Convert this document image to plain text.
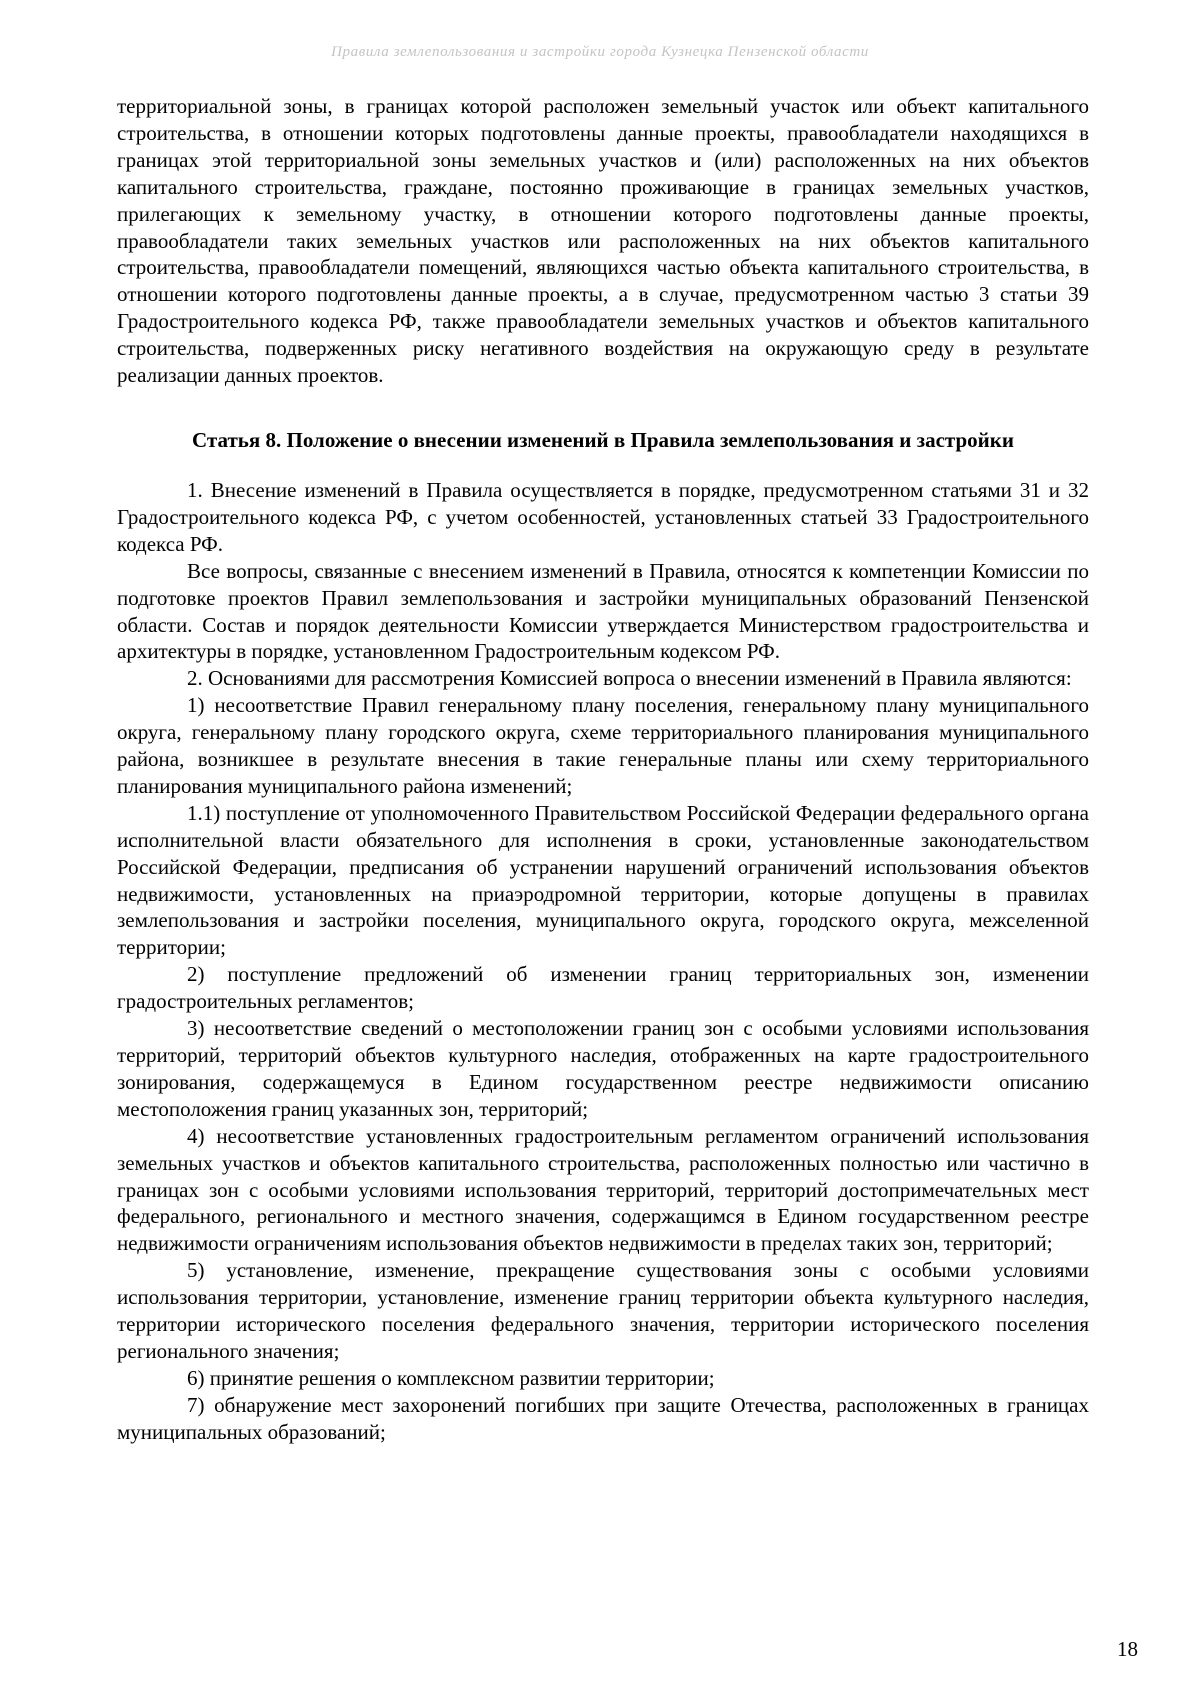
Правила землепользования и застройки города Кузнецка Пензенской области

территориальной зоны, в границах которой расположен земельный участок или объект капитального строительства, в отношении которых подготовлены данные проекты, правообладатели находящихся в границах этой территориальной зоны земельных участков и (или) расположенных на них объектов капитального строительства, граждане, постоянно проживающие в границах земельных участков, прилегающих к земельному участку, в отношении которого подготовлены данные проекты, правообладатели таких земельных участков или расположенных на них объектов капитального строительства, правообладатели помещений, являющихся частью объекта капитального строительства, в отношении которого подготовлены данные проекты, а в случае, предусмотренном частью 3 статьи 39 Градостроительного кодекса РФ, также правообладатели земельных участков и объектов капитального строительства, подверженных риску негативного воздействия на окружающую среду в результате реализации данных проектов.

Статья 8. Положение о внесении изменений в Правила землепользования и застройки

1. Внесение изменений в Правила осуществляется в порядке, предусмотренном статьями 31 и 32 Градостроительного кодекса РФ, с учетом особенностей, установленных статьей 33 Градостроительного кодекса РФ.

Все вопросы, связанные с внесением изменений в Правила, относятся к компетенции Комиссии по подготовке проектов Правил землепользования и застройки муниципальных образований Пензенской области. Состав и порядок деятельности Комиссии утверждается Министерством градостроительства и архитектуры в порядке, установленном Градостроительным кодексом РФ.

2. Основаниями для рассмотрения Комиссией вопроса о внесении изменений в Правила являются:

1) несоответствие Правил генеральному плану поселения, генеральному плану муниципального округа, генеральному плану городского округа, схеме территориального планирования муниципального района, возникшее в результате внесения в такие генеральные планы или схему территориального планирования муниципального района изменений;

1.1) поступление от уполномоченного Правительством Российской Федерации федерального органа исполнительной власти обязательного для исполнения в сроки, установленные законодательством Российской Федерации, предписания об устранении нарушений ограничений использования объектов недвижимости, установленных на приаэродромной территории, которые допущены в правилах землепользования и застройки поселения, муниципального округа, городского округа, межселенной территории;

2) поступление предложений об изменении границ территориальных зон, изменении градостроительных регламентов;

3) несоответствие сведений о местоположении границ зон с особыми условиями использования территорий, территорий объектов культурного наследия, отображенных на карте градостроительного зонирования, содержащемуся в Едином государственном реестре недвижимости описанию местоположения границ указанных зон, территорий;

4) несоответствие установленных градостроительным регламентом ограничений использования земельных участков и объектов капитального строительства, расположенных полностью или частично в границах зон с особыми условиями использования территорий, территорий достопримечательных мест федерального, регионального и местного значения, содержащимся в Едином государственном реестре недвижимости ограничениям использования объектов недвижимости в пределах таких зон, территорий;

5) установление, изменение, прекращение существования зоны с особыми условиями использования территории, установление, изменение границ территории объекта культурного наследия, территории исторического поселения федерального значения, территории исторического поселения регионального значения;

6) принятие решения о комплексном развитии территории;

7) обнаружение мест захоронений погибших при защите Отечества, расположенных в границах муниципальных образований;

18
